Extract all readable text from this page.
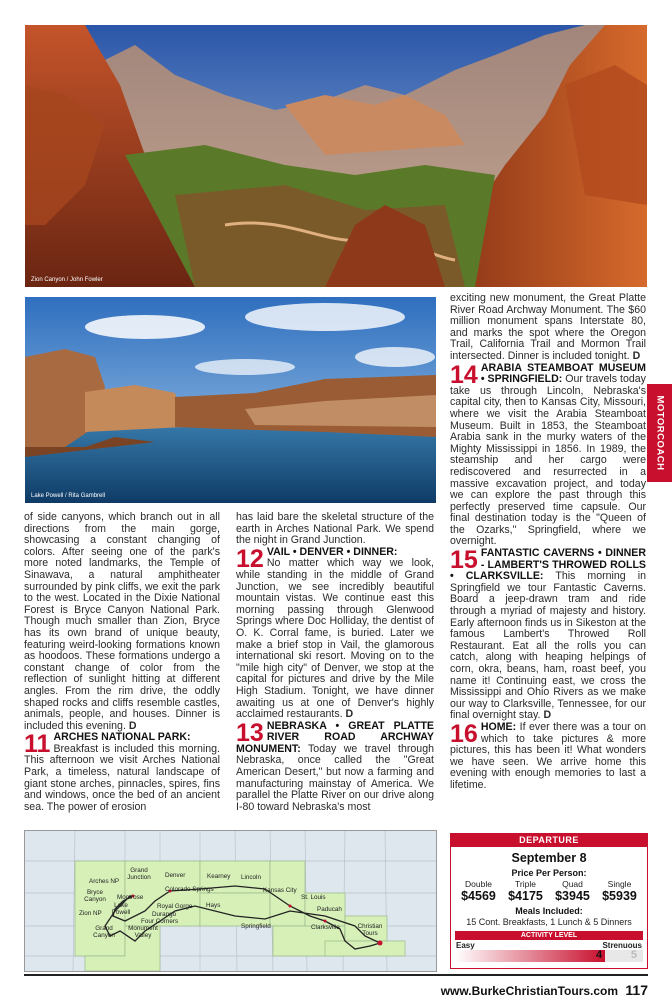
Zion Canyon / John Fowler
Lake Powell / Rita Gambrell
MOTORCOACH

of side canyons, which branch out in all directions from the main gorge, showcasing a constant changing of colors. After seeing one of the park's more noted landmarks, the Temple of Sinawava, a natural amphitheater surrounded by pink cliffs, we exit the park to the west. Located in the Dixie National Forest is Bryce Canyon National Park. Though much smaller than Zion, Bryce has its own brand of unique beauty, featuring weird-looking formations known as hoodoos. These formations undergo a constant change of color from the reflection of sunlight hitting at different angles. From the rim drive, the oddly shaped rocks and cliffs resemble castles, animals, people, and houses. Dinner is included this evening. D

11 ARCHES NATIONAL PARK:
Breakfast is included this morning. This afternoon we visit Arches National Park, a timeless, natural landscape of giant stone arches, pinnacles, spires, fins and windows, once the bed of an ancient sea. The power of erosion

has laid bare the skeletal structure of the earth in Arches National Park. We spend the night in Grand Junction.

12 VAIL • DENVER • DINNER:
No matter which way we look, while standing in the middle of Grand Junction, we see incredibly beautiful mountain vistas. We continue east this morning passing through Glenwood Springs where Doc Holliday, the dentist of O. K. Corral fame, is buried. Later we make a brief stop in Vail, the glamorous international ski resort. Moving on to the "mile high city" of Denver, we stop at the capital for pictures and drive by the Mile High Stadium. Tonight, we have dinner awaiting us at one of Denver's highly acclaimed restaurants. D
13 NEBRASKA • GREAT PLATTE RIVER ROAD ARCHWAY MONUMENT: Today we travel through Nebraska, once called the "Great American Desert," but now a farming and manufacturing mainstay of America. We parallel the Platte River on our drive along I-80 toward Nebraska's most

exciting new monument, the Great Platte River Road Archway Monument. The $60 million monument spans Interstate 80, and marks the spot where the Oregon Trail, California Trail and Mormon Trail intersected. Dinner is included tonight. D

14 ARABIA STEAMBOAT MUSEUM • SPRINGFIELD: Our travels today take us through Lincoln, Nebraska's capital city, then to Kansas City, Missouri, where we visit the Arabia Steamboat Museum. Built in 1853, the Steamboat Arabia sank in the murky waters of the Mighty Mississippi in 1856. In 1989, the steamship and her cargo were rediscovered and resurrected in a massive excavation project, and today we can explore the past through this perfectly preserved time capsule. Our final destination today is the "Queen of the Ozarks," Springfield, where we overnight.
15 FANTASTIC CAVERNS • DINNER - LAMBERT'S THROWED ROLLS • CLARKSVILLE: This morning in Springfield we tour Fantastic Caverns. Board a jeep-drawn tram and ride through a myriad of majesty and history. Early afternoon finds us in Sikeston at the famous Lambert's Throwed Roll Restaurant. Eat all the rolls you can catch, along with heaping helpings of corn, okra, beans, ham, roast beef, you name it! Continuing east, we cross the Mississippi and Ohio Rivers as we make our way to Clarksville, Tennessee, for our final overnight stay. D
16 HOME: If ever there was a tour on which to take pictures & more pictures, this has been it! What wonders we have seen. We arrive home this evening with enough memories to last a lifetime.
Grand Junction	Denver	Kearney Lincoln
Arches NP
Colorado Springs	Kansas City
Bryce Canyon Montrose	St. Louis
Lake Powell
Royal Gorge Hays
Zion NP	Durango
Paducah
Four Corners
Grand Canyon
Monument Valley
Springfield	Clarksville	Christian Tours
DEPARTURE
September 8
Price Per Person:
Double
$4569
Triple
$4175
Quad
$3945
Single
$5939
Meals Included:
15 Cont. Breakfasts, 1 Lunch & 5 Dinners
ACTIVITY LEVEL
Easy	Strenuous
4	5
www.BurkeChristianTours.com 117
